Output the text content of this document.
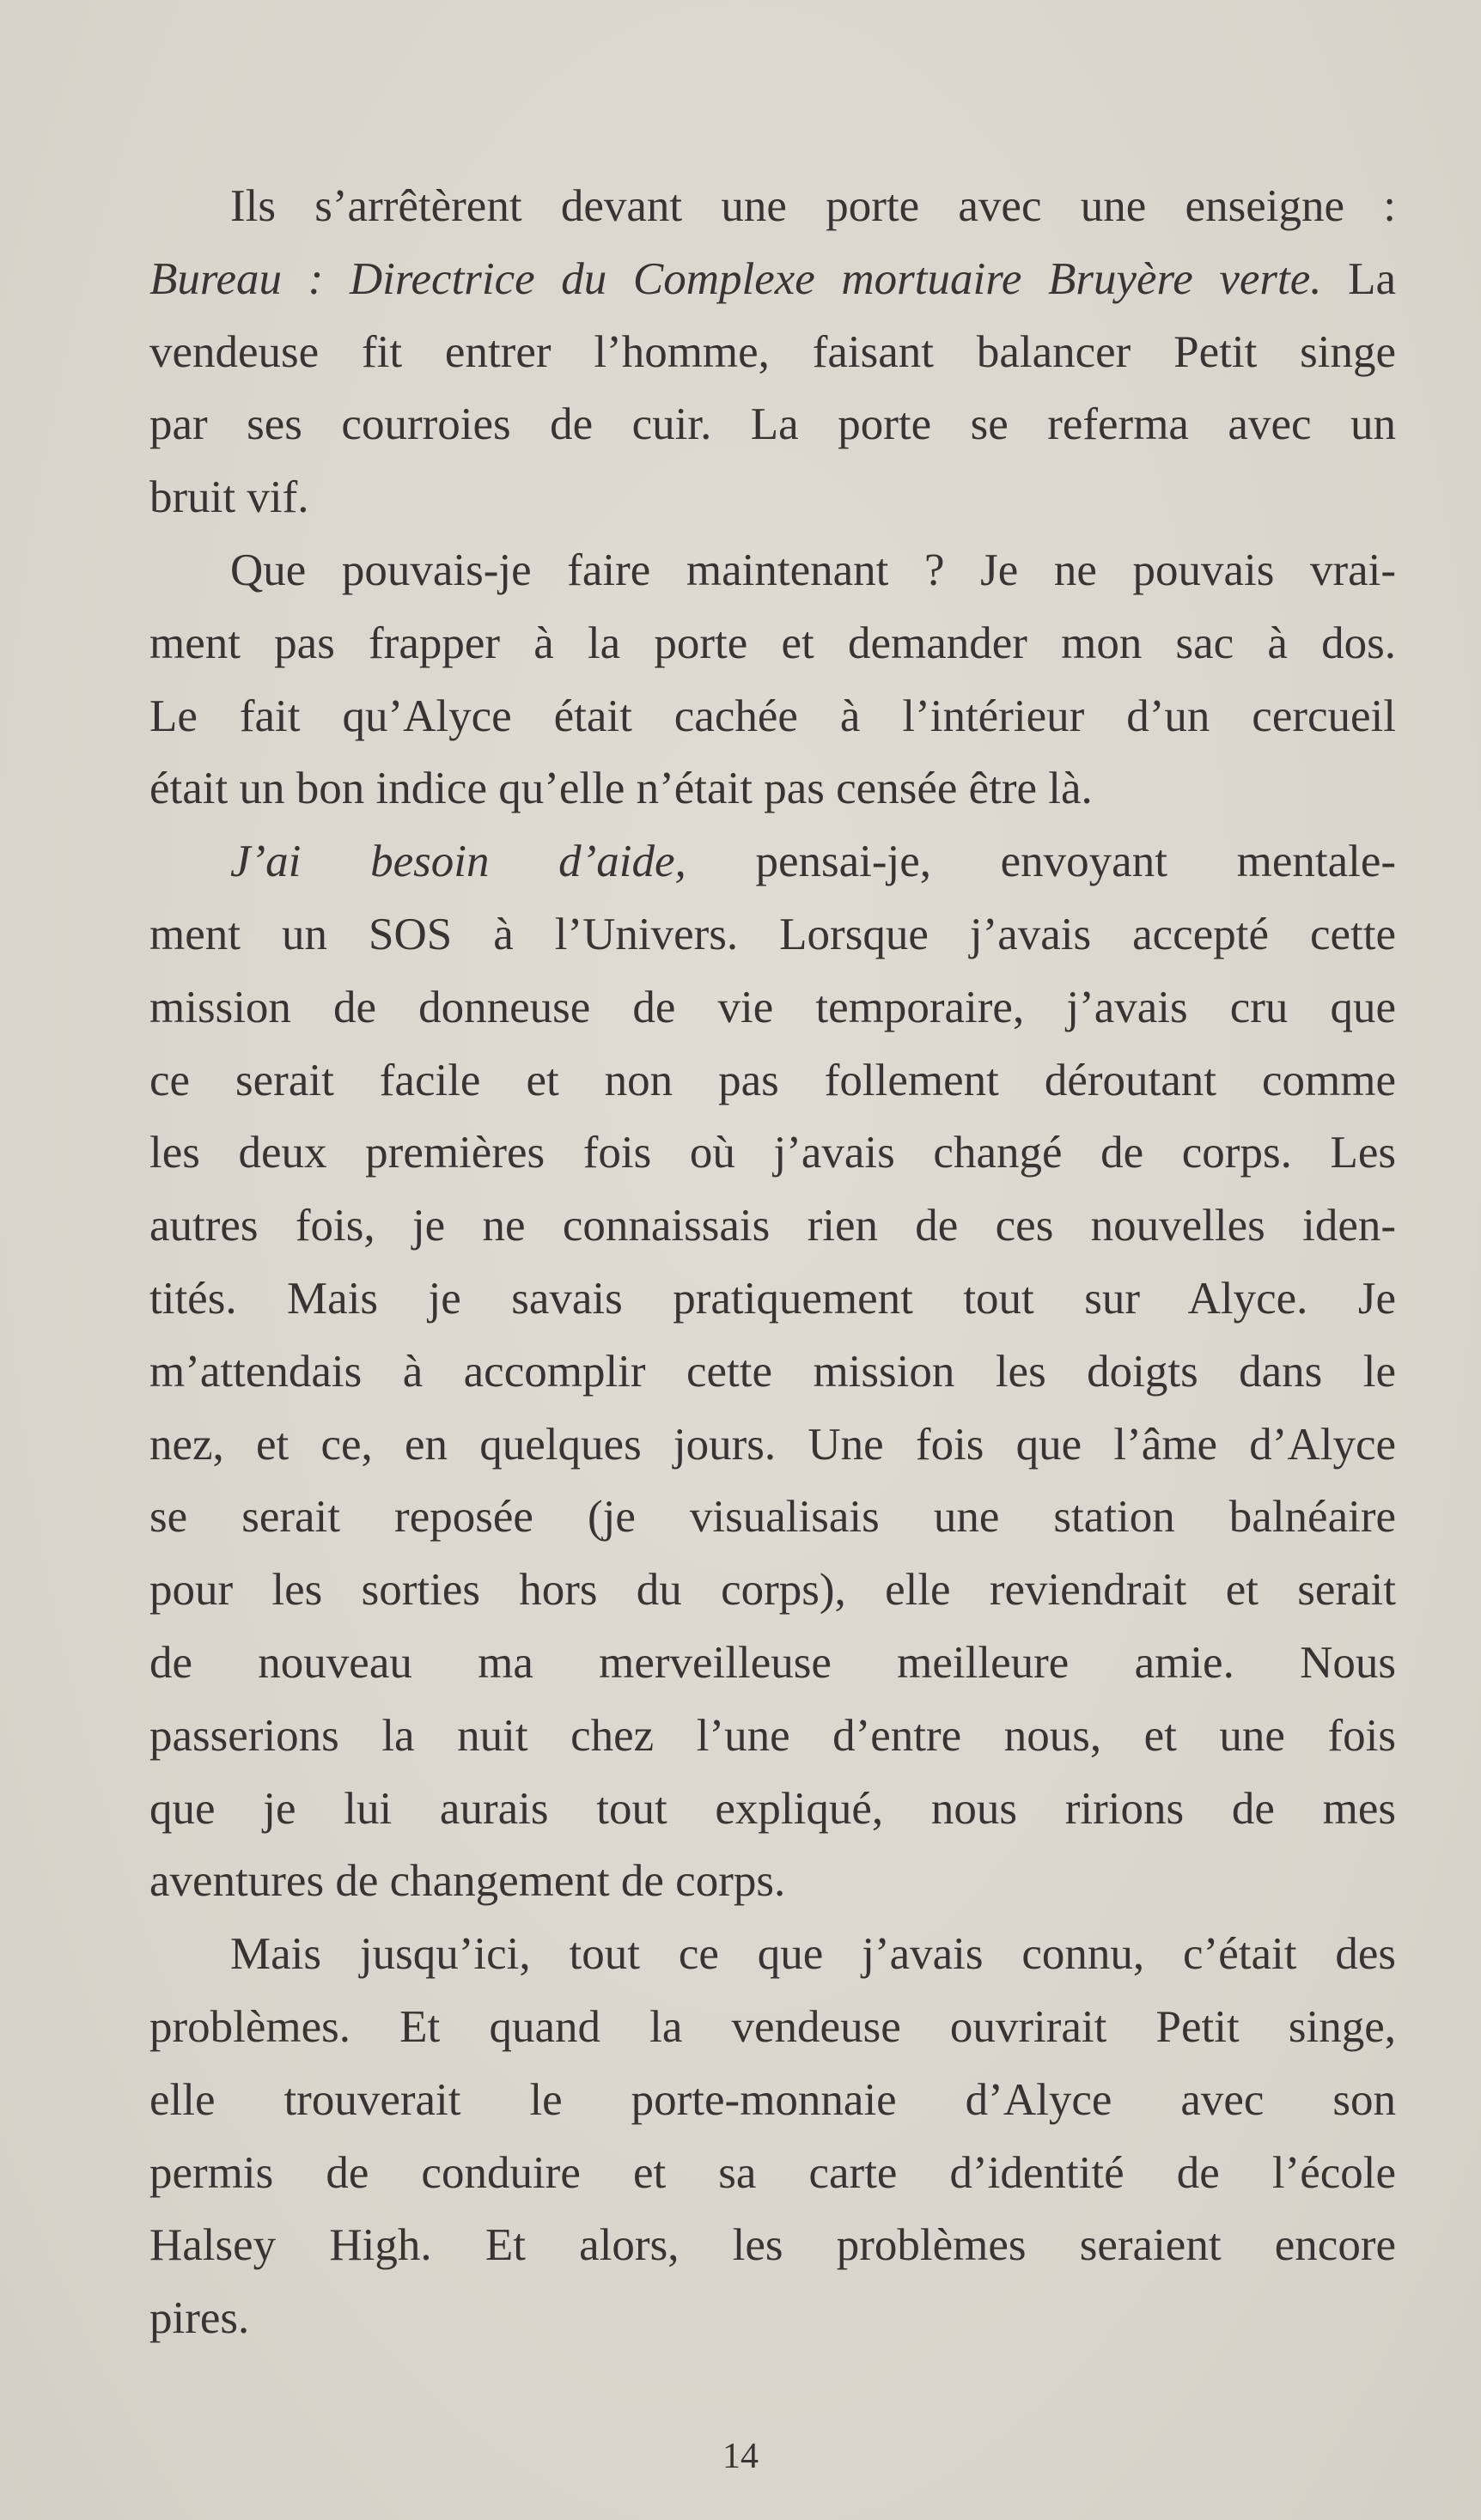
Ils s’arrêtèrent devant une porte avec une enseigne :
Bureau : Directrice du Complexe mortuaire Bruyère verte. La
vendeuse fit entrer l’homme, faisant balancer Petit singe
par ses courroies de cuir. La porte se referma avec un
bruit vif.
Que pouvais-je faire maintenant ? Je ne pouvais vrai-
ment pas frapper à la porte et demander mon sac à dos.
Le fait qu’Alyce était cachée à l’intérieur d’un cercueil
était un bon indice qu’elle n’était pas censée être là.
J’ai besoin d’aide, pensai-je, envoyant mentale-
ment un SOS à l’Univers. Lorsque j’avais accepté cette
mission de donneuse de vie temporaire, j’avais cru que
ce serait facile et non pas follement déroutant comme
les deux premières fois où j’avais changé de corps. Les
autres fois, je ne connaissais rien de ces nouvelles iden-
tités. Mais je savais pratiquement tout sur Alyce. Je
m’attendais à accomplir cette mission les doigts dans le
nez, et ce, en quelques jours. Une fois que l’âme d’Alyce
se serait reposée (je visualisais une station balnéaire
pour les sorties hors du corps), elle reviendrait et serait
de nouveau ma merveilleuse meilleure amie. Nous
passerions la nuit chez l’une d’entre nous, et une fois
que je lui aurais tout expliqué, nous ririons de mes
aventures de changement de corps.
Mais jusqu’ici, tout ce que j’avais connu, c’était des
problèmes. Et quand la vendeuse ouvrirait Petit singe,
elle trouverait le porte-monnaie d’Alyce avec son
permis de conduire et sa carte d’identité de l’école
Halsey High. Et alors, les problèmes seraient encore
pires.
14
